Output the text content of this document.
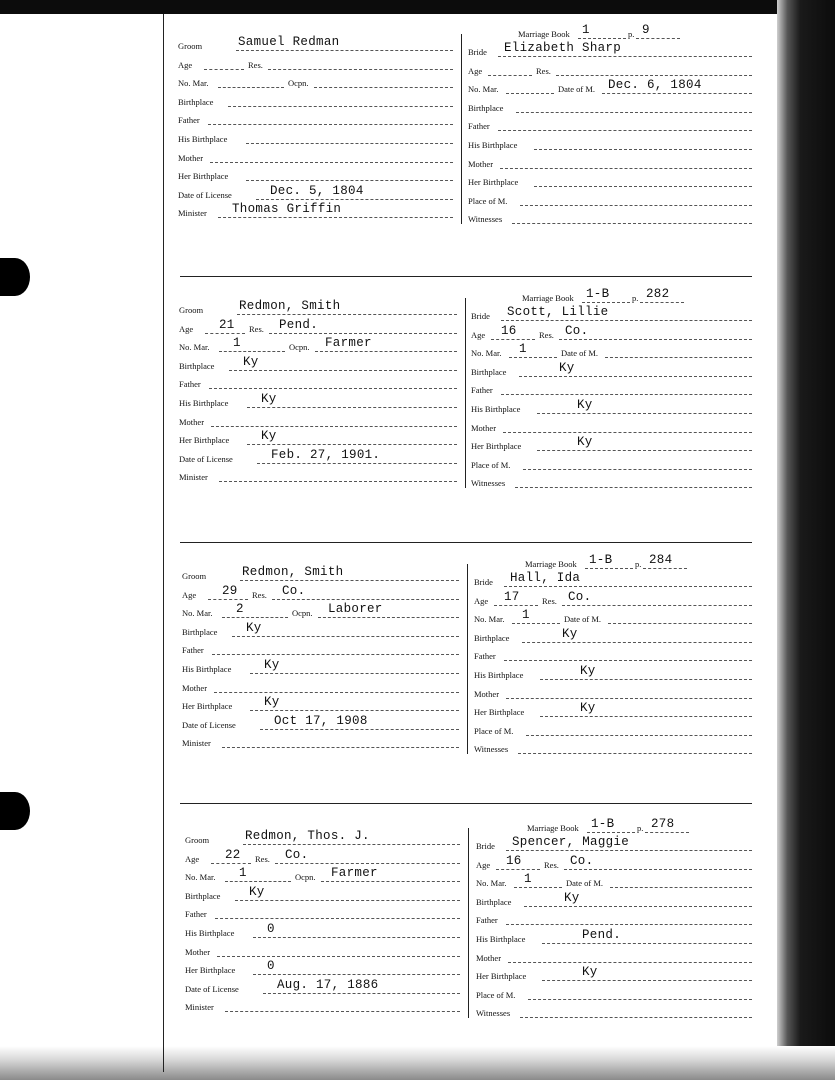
Groom	Samuel Redman
Age	Res.
No. Mar.	Ocpn.
Birthplace
Father
His Birthplace
Mother
Her Birthplace
Date of License	Dec. 5, 1804
Minister Thomas Griffin
Marriage Book 1	p. 9
Bride Elizabeth Sharp
Age	Res.
No. Mar.	Date of M. Dec. 6, 1804
Birthplace
Father
His Birthplace
Mother
Her Birthplace
Place of M.
Witnesses
Groom	Redmon, Smith
Age 21 Res. Pend.
No. Mar. 1	Ocpn. Farmer
Birthplace Ky
Father
His Birthplace	Ky
Mother
Her Birthplace	Ky
Date of License	Feb. 27, 1901.
Minister
Marriage Book 1-B	p. 282
Bride Scott, Lillie
Age 16	Res. Co.
No. Mar. 1	Date of M.
Birthplace	Ky
Father
His Birthplace	Ky
Mother
Her Birthplace	Ky
Place of M.
Witnesses
Groom	Redmon, Smith
Age 29 Res. Co.
No. Mar. 2	Ocpn. Laborer
Birthplace Ky
Father
His Birthplace	Ky
Mother
Her Birthplace	Ky
Date of License	Oct 17, 1908
Minister
Marriage Book 1-B	p. 284
Bride Hall, Ida
Age 17	Res. Co.
No. Mar. 1	Date of M.
Birthplace	Ky
Father
His Birthplace	Ky
Mother
Her Birthplace	Ky
Place of M.
Witnesses
Groom	Redmon, Thos. J.
Age 22 Res. Co.
No. Mar. 1	Ocpn. Farmer
Birthplace Ky
Father
His Birthplace	0
Mother
Her Birthplace	0
Date of License	Aug. 17, 1886
Minister
Marriage Book 1-B	p. 278
Bride Spencer, Maggie
Age 16	Res. Co.
No. Mar. 1	Date of M.
Birthplace	Ky
Father
His Birthplace	Pend.
Mother
Her Birthplace	Ky
Place of M.
Witnesses
